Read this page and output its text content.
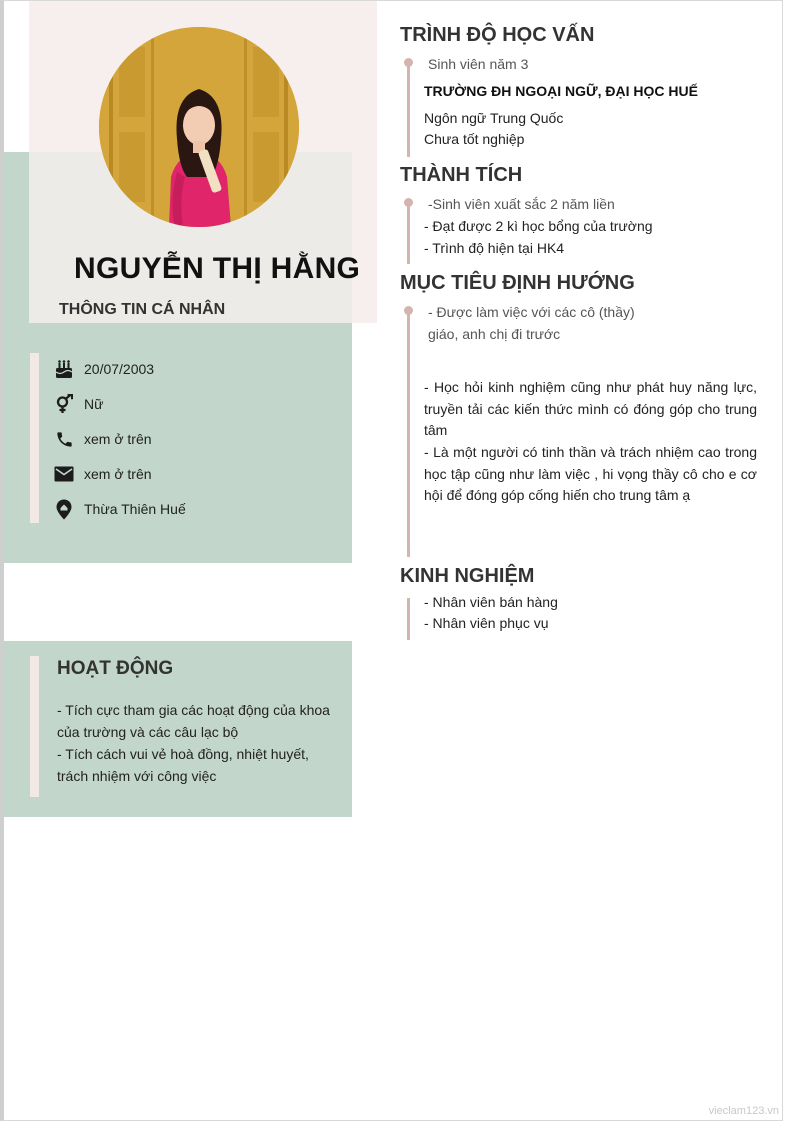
NGUYỄN THỊ HẰNG
THÔNG TIN CÁ NHÂN
20/07/2003
Nữ
xem ở trên
xem ở trên
Thừa Thiên Huế
HOẠT ĐỘNG
- Tích cực tham gia các hoạt động của khoa của trường và các câu lạc bộ
- Tích cách vui vẻ hoà đồng, nhiệt huyết, trách nhiệm với công việc
TRÌNH ĐỘ HỌC VẤN
Sinh viên năm 3
TRƯỜNG ĐH NGOẠI NGỮ, ĐẠI HỌC HUẾ
Ngôn ngữ Trung Quốc
Chưa tốt nghiệp
THÀNH TÍCH
-Sinh viên xuất sắc 2 năm liền
- Đạt được 2 kì học bổng của trường
- Trình độ hiện tại HK4
MỤC TIÊU ĐỊNH HƯỚNG
- Được làm việc với các cô (thầy)
giáo, anh chị đi trước
- Học hỏi kinh nghiệm cũng như phát huy năng lực, truyền tải các kiến thức mình có đóng góp cho trung tâm
- Là một người có tinh thần và trách nhiệm cao trong học tập cũng như làm việc , hi vọng thầy cô cho e cơ hội để đóng góp cống hiến cho trung tâm ạ
KINH NGHIỆM
- Nhân viên bán hàng
- Nhân viên phục vụ
vieclam123.vn
